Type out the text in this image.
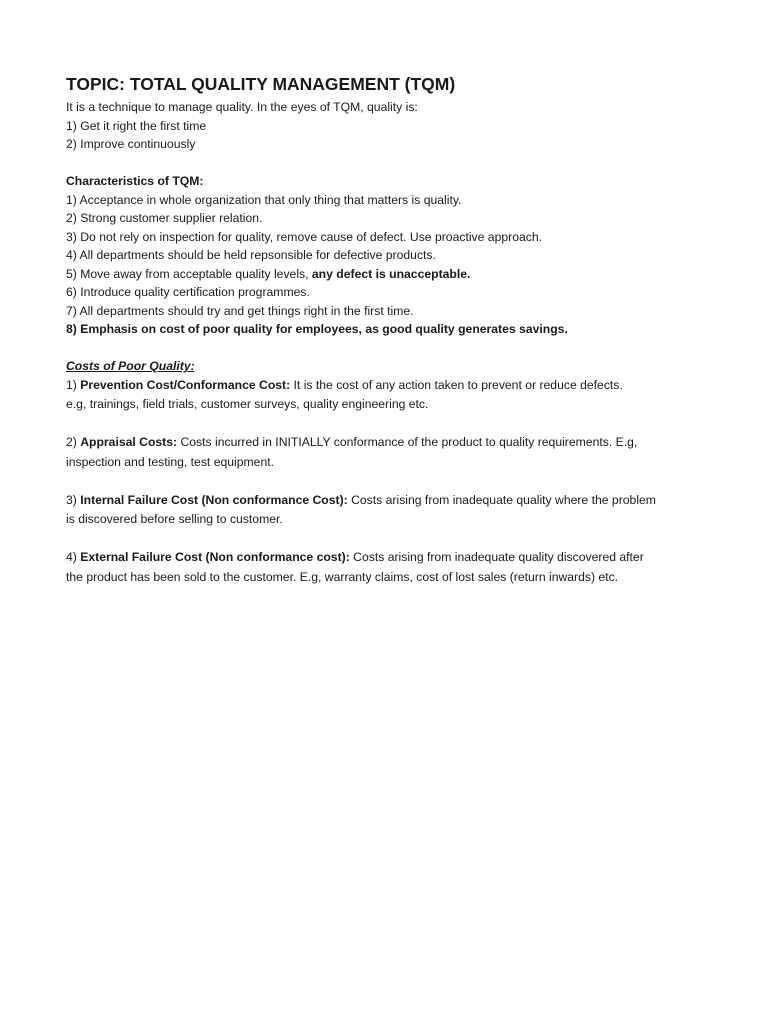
TOPIC: TOTAL QUALITY MANAGEMENT (TQM)
It is a technique to manage quality. In the eyes of TQM, quality is:
1) Get it right the first time
2) Improve continuously
Characteristics of TQM:
1) Acceptance in whole organization that only thing that matters is quality.
2) Strong customer supplier relation.
3) Do not rely on inspection for quality, remove cause of defect. Use proactive approach.
4) All departments should be held repsonsible for defective products.
5) Move away from acceptable quality levels, any defect is unacceptable.
6) Introduce quality certification programmes.
7) All departments should try and get things right in the first time.
8) Emphasis on cost of poor quality for employees, as good quality generates savings.
Costs of Poor Quality:
1) Prevention Cost/Conformance Cost: It is the cost of any action taken to prevent or reduce defects.
e.g, trainings, field trials, customer surveys, quality engineering etc.
2) Appraisal Costs: Costs incurred in INITIALLY conformance of the product to quality requirements. E.g,
inspection and testing, test equipment.
3) Internal Failure Cost (Non conformance Cost): Costs arising from inadequate quality where the problem
is discovered before selling to customer.
4) External Failure Cost (Non conformance cost): Costs arising from inadequate quality discovered after
the product has been sold to the customer. E.g, warranty claims, cost of lost sales (return inwards) etc.
